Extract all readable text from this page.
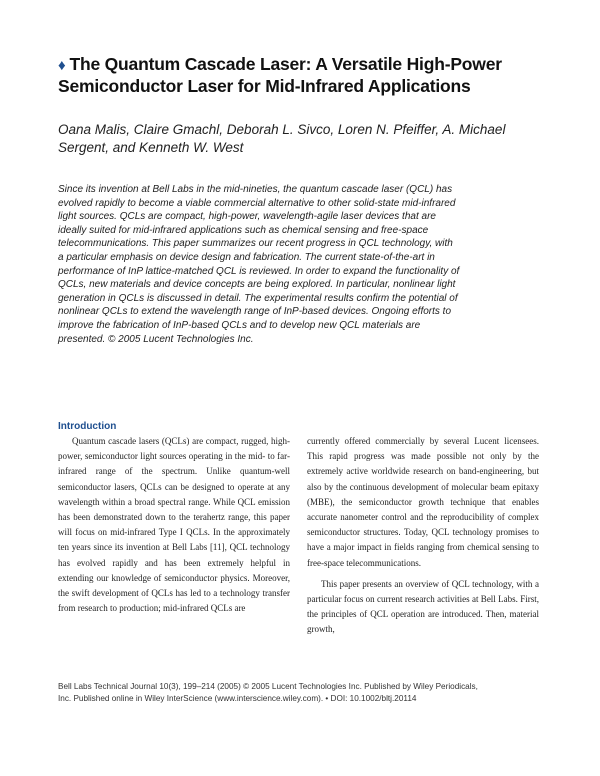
♦ The Quantum Cascade Laser: A Versatile High-Power Semiconductor Laser for Mid-Infrared Applications

Oana Malis, Claire Gmachl, Deborah L. Sivco, Loren N. Pfeiffer, A. Michael Sergent, and Kenneth W. West

Since its invention at Bell Labs in the mid-nineties, the quantum cascade laser (QCL) has evolved rapidly to become a viable commercial alternative to other solid-state mid-infrared light sources. QCLs are compact, high-power, wavelength-agile laser devices that are ideally suited for mid-infrared applications such as chemical sensing and free-space telecommunications. This paper summarizes our recent progress in QCL technology, with a particular emphasis on device design and fabrication. The current state-of-the-art in performance of InP lattice-matched QCL is reviewed. In order to expand the functionality of QCLs, new materials and device concepts are being explored. In particular, nonlinear light generation in QCLs is discussed in detail. The experimental results confirm the potential of nonlinear QCLs to extend the wavelength range of InP-based devices. Ongoing efforts to improve the fabrication of InP-based QCLs and to develop new QCL materials are presented. © 2005 Lucent Technologies Inc.

Introduction

Quantum cascade lasers (QCLs) are compact, rugged, high-power, semiconductor light sources operating in the mid- to far-infrared range of the spectrum. Unlike quantum-well semiconductor lasers, QCLs can be designed to operate at any wavelength within a broad spectral range. While QCL emission has been demonstrated down to the terahertz range, this paper will focus on mid-infrared Type I QCLs. In the approximately ten years since its invention at Bell Labs [11], QCL technology has evolved rapidly and has been extremely helpful in extending our knowledge of semiconductor physics. Moreover, the swift development of QCLs has led to a technology transfer from research to production; mid-infrared QCLs are

currently offered commercially by several Lucent licensees. This rapid progress was made possible not only by the extremely active worldwide research on band-engineering, but also by the continuous development of molecular beam epitaxy (MBE), the semiconductor growth technique that enables accurate nanometer control and the reproducibility of complex semiconductor structures. Today, QCL technology promises to have a major impact in fields ranging from chemical sensing to free-space telecommunications.

This paper presents an overview of QCL technology, with a particular focus on current research activities at Bell Labs. First, the principles of QCL operation are introduced. Then, material growth,

Bell Labs Technical Journal 10(3), 199–214 (2005) © 2005 Lucent Technologies Inc. Published by Wiley Periodicals,
Inc. Published online in Wiley InterScience (www.interscience.wiley.com). • DOI: 10.1002/bltj.20114
